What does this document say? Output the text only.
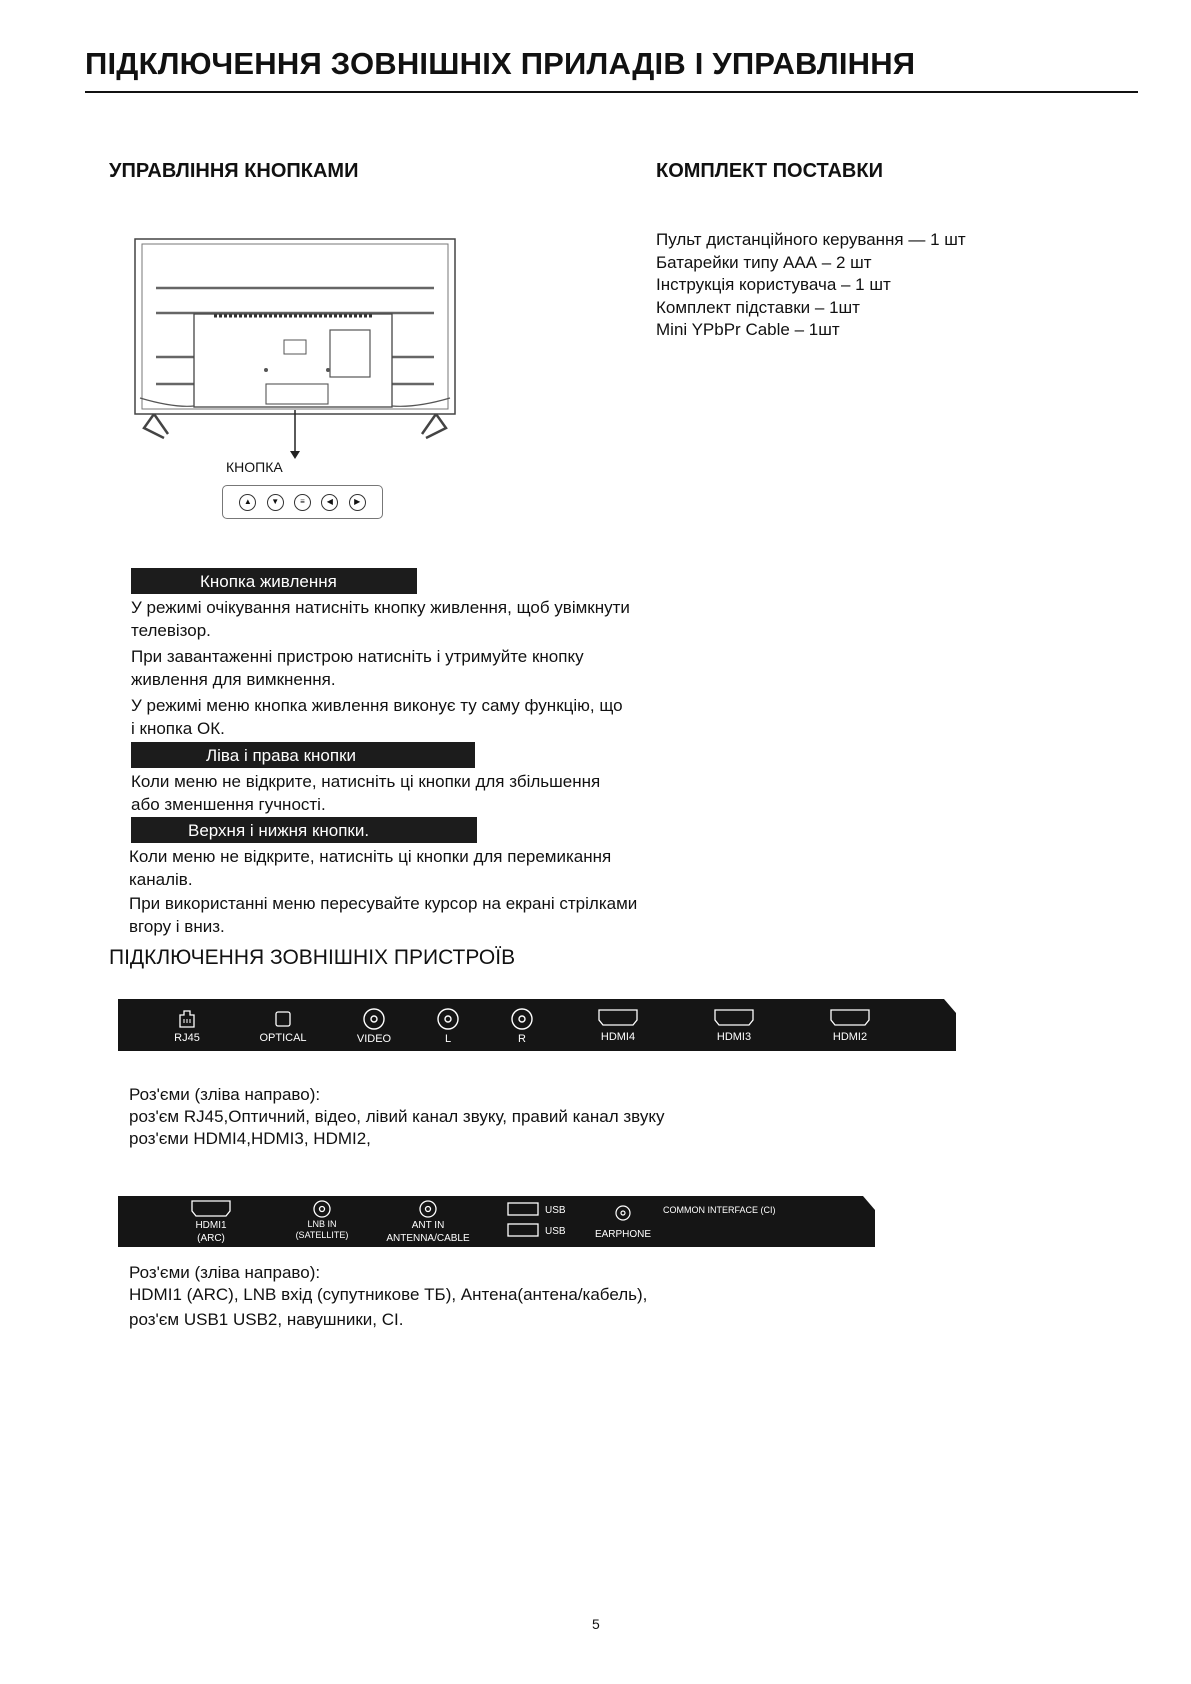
ПІДКЛЮЧЕННЯ ЗОВНІШНІХ ПРИЛАДІВ І УПРАВЛІННЯ
УПРАВЛІННЯ КНОПКАМИ	КОМПЛЕКТ ПОСТАВКИ
Пульт дистанційного керування — 1 шт
Батарейки типу ААА – 2 шт
Інструкція користувача – 1 шт
Комплект підставки – 1шт
Mini YPbPr Cable – 1шт
КНОПКА
▲	▼	≡	◀	▶
Кнопка живлення

У режимі очікування натисніть кнопку живлення, щоб увімкнути телевізор.

При завантаженні пристрою натисніть і утримуйте кнопку живлення для вимкнення.

У режимі меню кнопка живлення виконує ту саму функцію, що і кнопка ОК.

Ліва і права кнопки

Коли меню не відкрите, натисніть ці кнопки для збільшення або зменшення гучності.

Верхня і нижня кнопки.

Коли меню не відкрите, натисніть ці кнопки для перемикання каналів.

При використанні меню пересувайте курсор на екрані стрілками вгору і вниз.

ПІДКЛЮЧЕННЯ ЗОВНІШНІХ ПРИСТРОЇВ
RJ45	OPTICAL	VIDEO	L	R	HDMI4	HDMI3	HDMI2

Роз'єми (зліва направо):

роз'єм RJ45,Оптичний, відео, лівий канал звуку, правий канал звуку

роз'єми HDMI4,HDMI3, HDMI2,

HDMI1
(ARC)
LNB IN
(SATELLITE)
ANT IN
ANTENNA/CABLE
USB
USB	EARPHONE
COMMON INTERFACE (CI)

Роз'єми (зліва направо):

HDMI1 (ARC), LNB вхід (супутникове ТБ), Антена(антена/кабель),

роз'єм USB1 USB2, навушники, CI.

5
